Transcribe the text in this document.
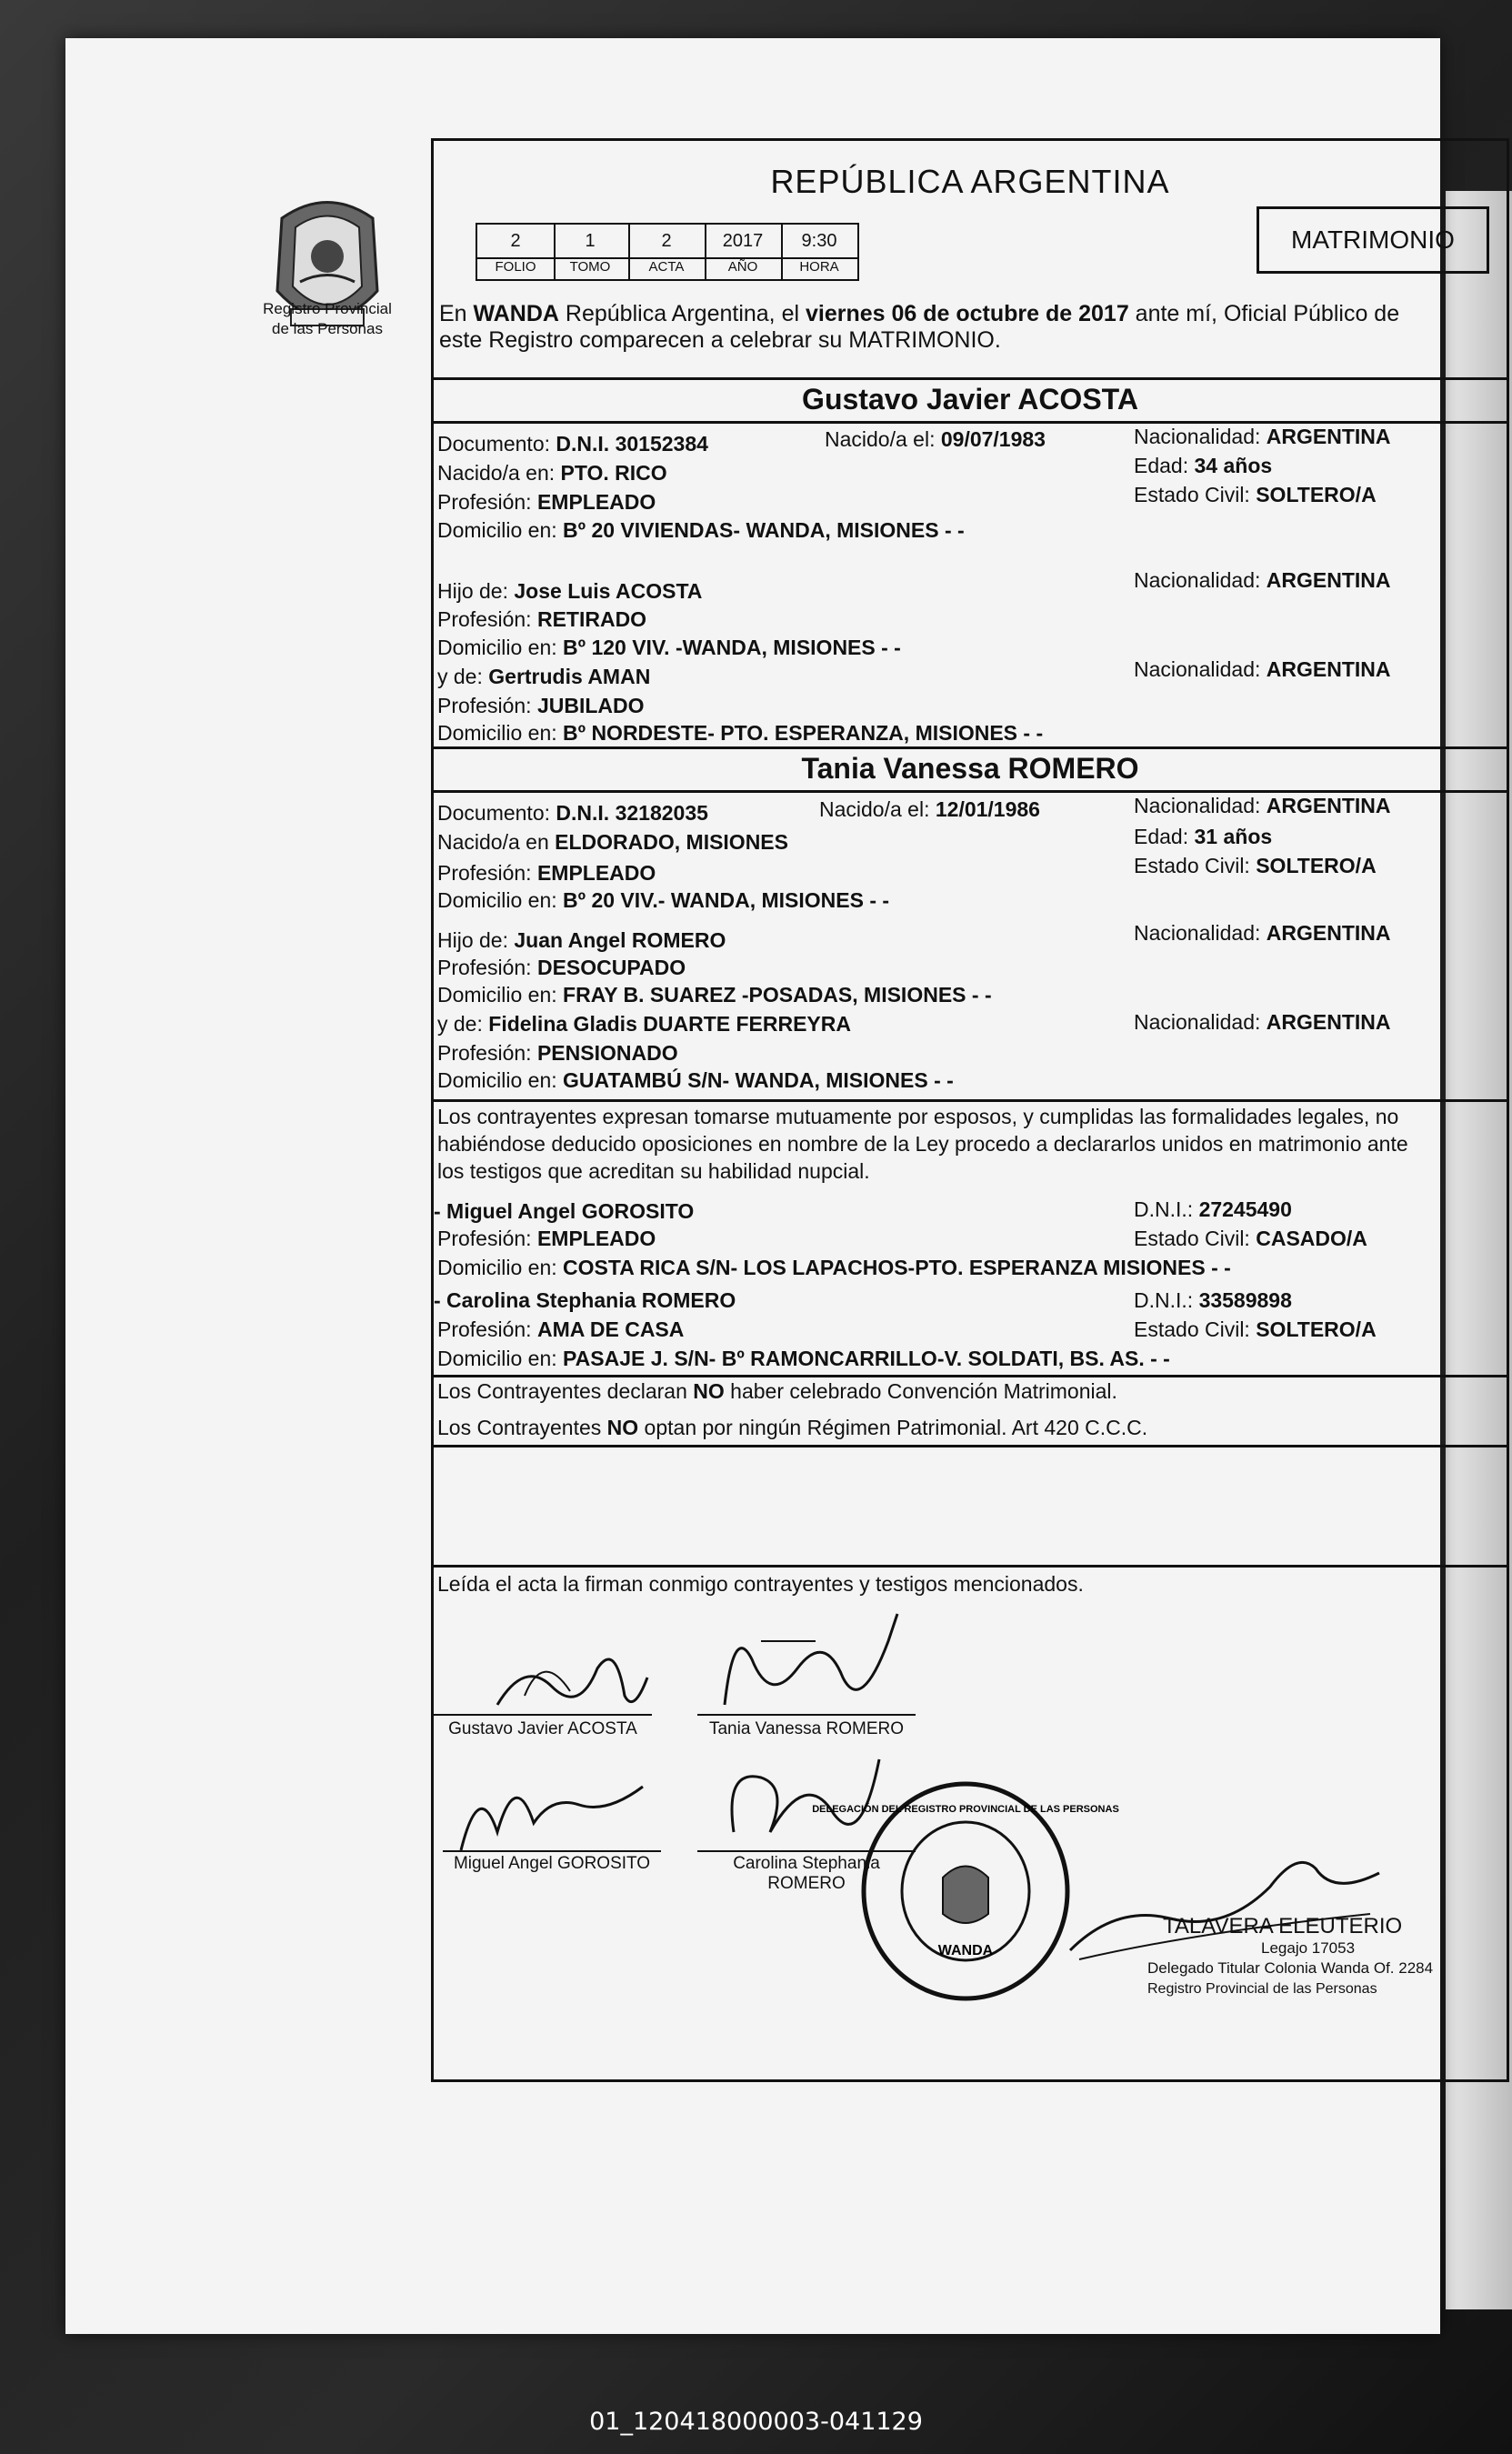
Registro Provincial
de las Personas
REPÚBLICA ARGENTINA
2	1	2	2017	9:30
FOLIO	TOMO	ACTA	AÑO	HORA
MATRIMONIO
En WANDA República Argentina, el viernes 06 de octubre de 2017 ante mí, Oficial Público de
este Registro comparecen a celebrar su MATRIMONIO.
Gustavo Javier ACOSTA
Documento: D.N.I. 30152384	Nacido/a el: 09/07/1983	Nacionalidad: ARGENTINA
Nacido/a en: PTO. RICO	Edad: 34 años
Profesión: EMPLEADO	Estado Civil: SOLTERO/A
Domicilio en: Bº 20 VIVIENDAS- WANDA, MISIONES - -
Hijo de: Jose Luis ACOSTA	Nacionalidad: ARGENTINA
Profesión: RETIRADO
Domicilio en: Bº 120 VIV. -WANDA, MISIONES - -
y de: Gertrudis AMAN	Nacionalidad: ARGENTINA
Profesión: JUBILADO
Domicilio en: Bº NORDESTE- PTO. ESPERANZA, MISIONES - -
Tania Vanessa ROMERO
Documento: D.N.I. 32182035	Nacido/a el: 12/01/1986	Nacionalidad: ARGENTINA
Nacido/a en ELDORADO, MISIONES	Edad: 31 años
Profesión: EMPLEADO	Estado Civil: SOLTERO/A
Domicilio en: Bº 20 VIV.- WANDA, MISIONES - -
Hijo de: Juan Angel ROMERO	Nacionalidad: ARGENTINA
Profesión: DESOCUPADO
Domicilio en: FRAY B. SUAREZ -POSADAS, MISIONES - -
y de: Fidelina Gladis DUARTE FERREYRA	Nacionalidad: ARGENTINA
Profesión: PENSIONADO
Domicilio en: GUATAMBÚ S/N- WANDA, MISIONES - -
Los contrayentes expresan tomarse mutuamente por esposos, y cumplidas las formalidades legales, no
habiéndose deducido oposiciones en nombre de la Ley procedo a declararlos unidos en matrimonio ante
los testigos que acreditan su habilidad nupcial.
- Miguel Angel GOROSITO	D.N.I.: 27245490
Profesión: EMPLEADO	Estado Civil: CASADO/A
Domicilio en: COSTA RICA S/N- LOS LAPACHOS-PTO. ESPERANZA MISIONES - -
- Carolina Stephania ROMERO	D.N.I.: 33589898
Profesión: AMA DE CASA	Estado Civil: SOLTERO/A
Domicilio en: PASAJE J. S/N- Bº RAMONCARRILLO-V. SOLDATI, BS. AS. - -
Los Contrayentes declaran NO haber celebrado Convención Matrimonial.
Los Contrayentes NO optan por ningún Régimen Patrimonial. Art 420 C.C.C.
Leída el acta la firman conmigo contrayentes y testigos mencionados.
Gustavo Javier ACOSTA	Tania Vanessa ROMERO
Miguel Angel GOROSITO	Carolina Stephania
ROMERO
WANDA
DELEGACIÓN DEL REGISTRO PROVINCIAL DE LAS PERSONAS
TALAVERA ELEUTERIO
Legajo 17053
Delegado Titular Colonia Wanda Of. 2284
Registro Provincial de las Personas
01_120418000003-041129
